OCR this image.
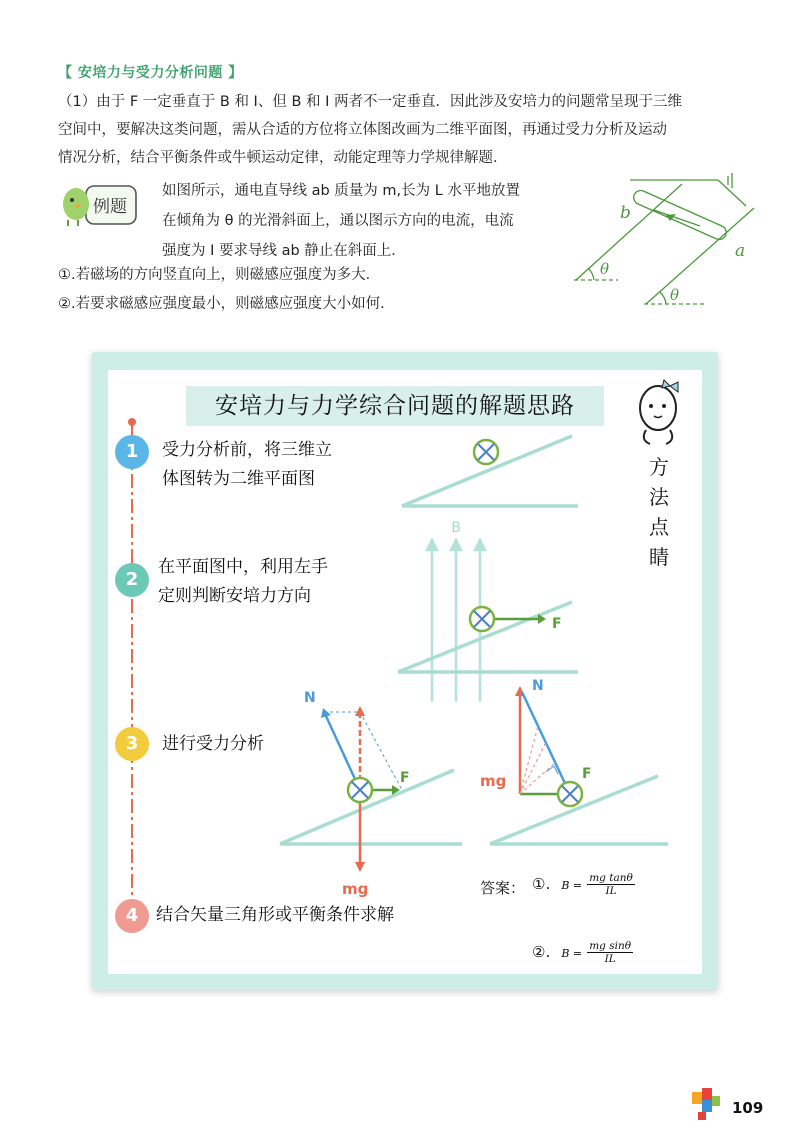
【 安培力与受力分析问题 】
（1）由于 F 一定垂直于 B 和 I、但 B 和 I 两者不一定垂直．因此涉及安培力的问题常呈现于三维
空间中，要解决这类问题，需从合适的方位将立体图改画为二维平面图，再通过受力分析及运动
情况分析，结合平衡条件或牛顿运动定律，动能定理等力学规律解题．
例题
如图所示，通电直导线 ab 质量为 m,长为 L 水平地放置
在倾角为 θ 的光滑斜面上，通以图示方向的电流，电流
强度为 I 要求导线 ab 静止在斜面上．
①.若磁场的方向竖直向上，则磁感应强度为多大．
②.若要求磁感应强度最小，则磁感应强度大小如何．
b
a
θ
θ
安培力与力学综合问题的解题思路
方
法
点
睛
1	受力分析前，将三维立
体图转为二维平面图
2
在平面图中，利用左手
定则判断安培力方向
3	进行受力分析
4	结合矢量三角形或平衡条件求解
B
F
N
mg
F	mg
N
F
答案： ①. $B = \frac{\text{mg tanθ}}{IL}$
②. $B = \frac{\text{mg sinθ}}{IL}$
109
